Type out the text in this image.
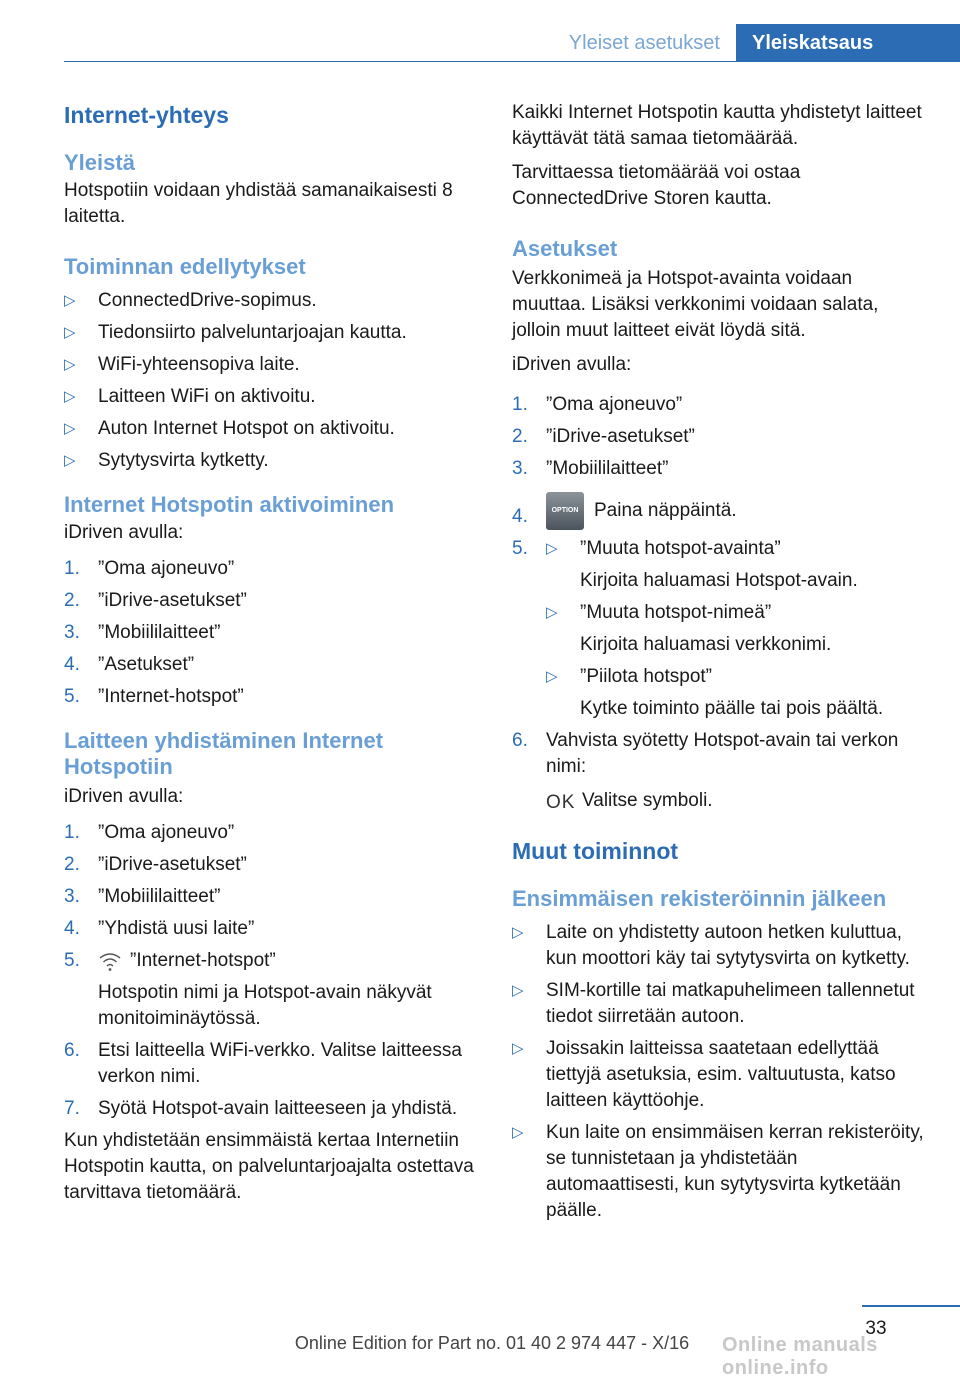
Yleiset asetukset	Yleiskatsaus
Internet-yhteys
Yleistä

Hotspotiin voidaan yhdistää samanaikaisesti 8 laitetta.

Toiminnan edellytykset
▷ ConnectedDrive-sopimus.
▷ Tiedonsiirto palveluntarjoajan kautta.
▷ WiFi-yhteensopiva laite.
▷ Laitteen WiFi on aktivoitu.
▷ Auton Internet Hotspot on aktivoitu.
▷ Sytytysvirta kytketty.
Internet Hotspotin aktivoiminen

iDriven avulla:

1. ”Oma ajoneuvo”
2. ”iDrive-asetukset”
3. ”Mobiililaitteet”
4. ”Asetukset”
5. ”Internet-hotspot”
Laitteen yhdistäminen Internet Hotspotiin

iDriven avulla:

1. ”Oma ajoneuvo”
2. ”iDrive-asetukset”
3. ”Mobiililaitteet”
4. ”Yhdistä uusi laite”
5.	”Internet-hotspot”
Hotspotin nimi ja Hotspot-avain näkyvät monitoiminäytössä.
6. Etsi laitteella WiFi-verkko. Valitse laitteessa verkon nimi.
7. Syötä Hotspot-avain laitteeseen ja yhdistä.

Kun yhdistetään ensimmäistä kertaa Internetiin Hotspotin kautta, on palveluntarjoajalta ostettava tarvittava tietomäärä.

Kaikki Internet Hotspotin kautta yhdistetyt laitteet käyttävät tätä samaa tietomäärää.

Tarvittaessa tietomäärää voi ostaa ConnectedDrive Storen kautta.

Asetukset

Verkkonimeä ja Hotspot-avainta voidaan muuttaa. Lisäksi verkkonimi voidaan salata, jolloin muut laitteet eivät löydä sitä.

iDriven avulla:

1. ”Oma ajoneuvo”
2. ”iDrive-asetukset”
3. ”Mobiililaitteet”
4.	OPTION Paina näppäintä.
5. ▷ ”Muuta hotspot-avainta”
Kirjoita haluamasi Hotspot-avain.
▷ ”Muuta hotspot-nimeä”
Kirjoita haluamasi verkkonimi.
▷ ”Piilota hotspot”
Kytke toiminto päälle tai pois päältä.
6. Vahvista syötetty Hotspot-avain tai verkon nimi:
OK Valitse symboli.
Muut toiminnot
Ensimmäisen rekisteröinnin jälkeen
▷ Laite on yhdistetty autoon hetken kuluttua, kun moottori käy tai sytytysvirta on kytketty.
▷ SIM-kortille tai matkapuhelimeen tallennetut tiedot siirretään autoon.
▷ Joissakin laitteissa saatetaan edellyttää tiettyjä asetuksia, esim. valtuutusta, katso laitteen käyttöohje.
▷ Kun laite on ensimmäisen kerran rekisteröity, se tunnistetaan ja yhdistetään automaattisesti, kun sytytysvirta kytketään päälle.
33
Online Edition for Part no. 01 40 2 974 447 - X/16	Online manuals online.info
